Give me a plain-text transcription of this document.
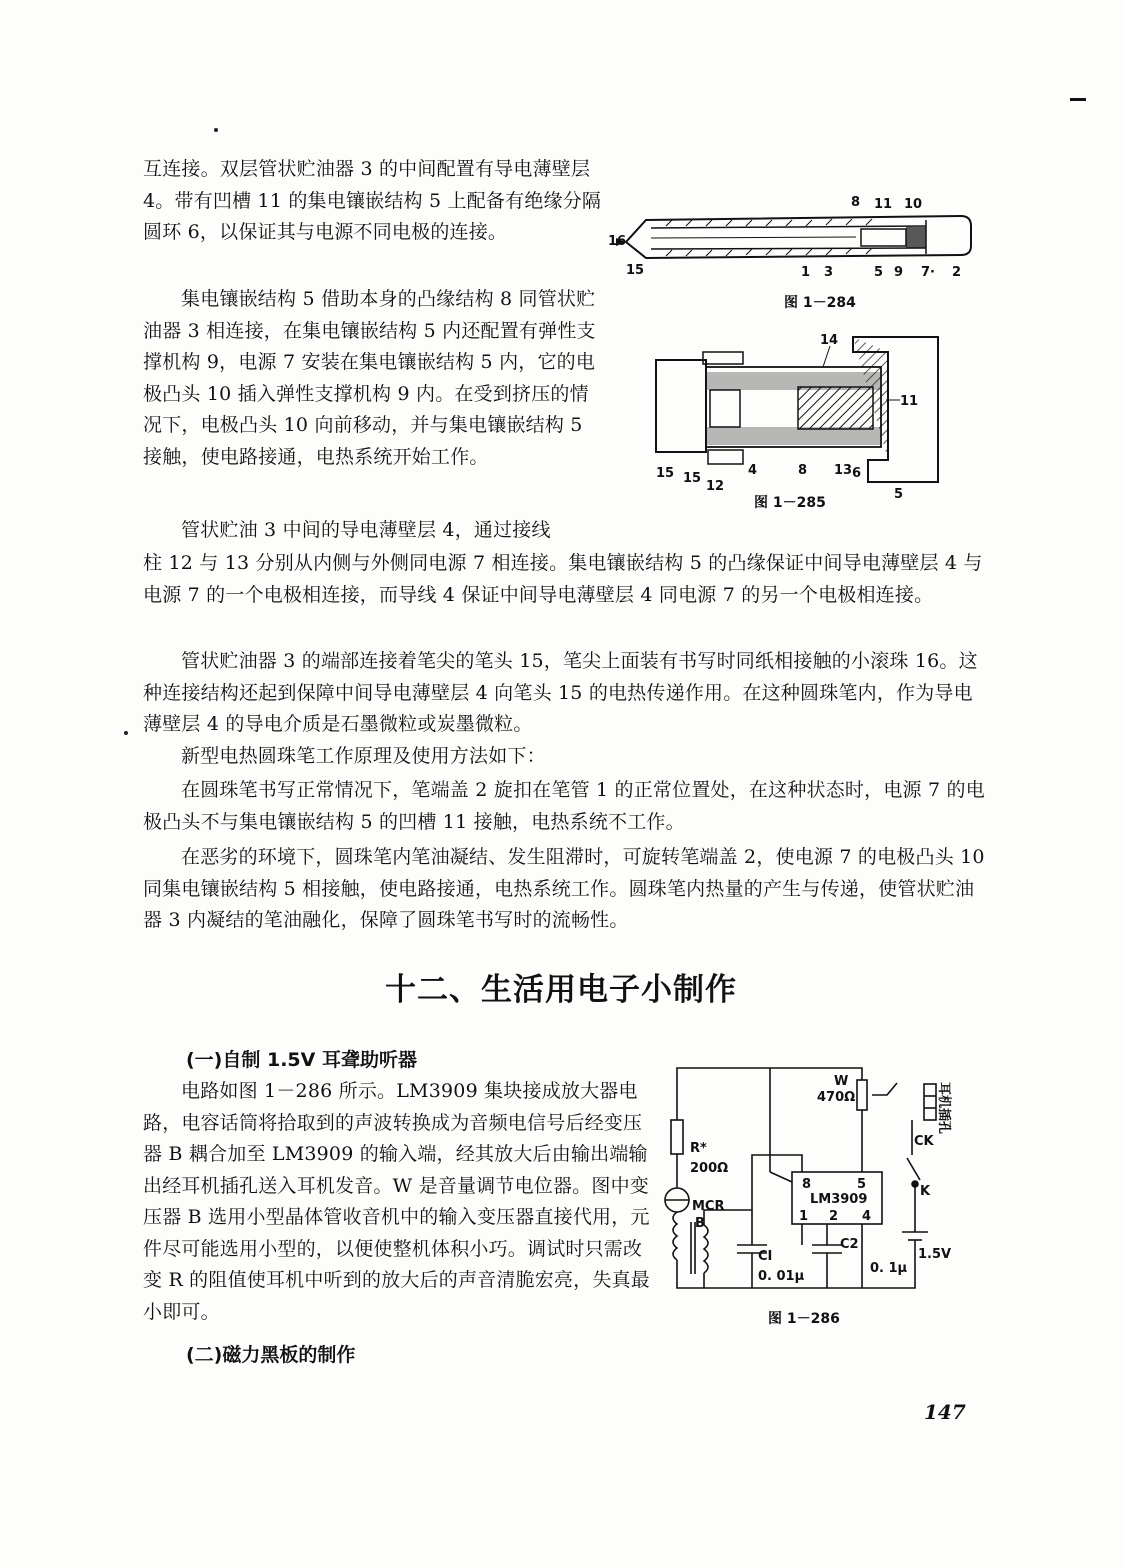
互连接。双层管状贮油器 3 的中间配置有导电薄壁层 4。带有凹槽 11 的集电镶嵌结构 5 上配备有绝缘分隔圆环 6，以保证其与电源不同电极的连接。

集电镶嵌结构 5 借助本身的凸缘结构 8 同管状贮油器 3 相连接，在集电镶嵌结构 5 内还配置有弹性支撑机构 9，电源 7 安装在集电镶嵌结构 5 内，它的电极凸头 10 插入弹性支撑机构 9 内。在受到挤压的情况下，电极凸头 10 向前移动，并与集电镶嵌结构 5 接触，使电路接通，电热系统开始工作。

管状贮油 3 中间的导电薄壁层 4，通过接线

柱 12 与 13 分别从内侧与外侧同电源 7 相连接。集电镶嵌结构 5 的凸缘保证中间导电薄壁层 4 与电源 7 的一个电极相连接，而导线 4 保证中间导电薄壁层 4 同电源 7 的另一个电极相连接。

管状贮油器 3 的端部连接着笔尖的笔头 15，笔尖上面装有书写时同纸相接触的小滚珠 16。这种连接结构还起到保障中间导电薄壁层 4 向笔头 15 的电热传递作用。在这种圆珠笔内，作为导电薄壁层 4 的导电介质是石墨微粒或炭墨微粒。

新型电热圆珠笔工作原理及使用方法如下：

在圆珠笔书写正常情况下，笔端盖 2 旋扣在笔管 1 的正常位置处，在这种状态时，电源 7 的电极凸头不与集电镶嵌结构 5 的凹槽 11 接触，电热系统不工作。

在恶劣的环境下，圆珠笔内笔油凝结、发生阻滞时，可旋转笔端盖 2，使电源 7 的电极凸头 10 同集电镶嵌结构 5 相接触，使电路接通，电热系统工作。圆珠笔内热量的产生与传递，使管状贮油器 3 内凝结的笔油融化，保障了圆珠笔书写时的流畅性。

十二、生活用电子小制作
(一)自制 1.5V 耳聋助听器

电路如图 1－286 所示。LM3909 集块接成放大器电路，电容话筒将拾取到的声波转换成为音频电信号后经变压器 B 耦合加至 LM3909 的输入端，经其放大后由输出端输出经耳机插孔送入耳机发音。W 是音量调节电位器。图中变压器 B 选用小型晶体管收音机中的输入变压器直接代用，元件尽可能选用小型的，以便使整机体积小巧。调试时只需改变 R 的阻值使耳机中听到的放大后的声音清脆宏亮，失真最小即可。

(二)磁力黑板的制作
8 11 10
16
15	1 3	5 9 7· 2
图 1－284
14
11
15 15
12
4	8 13 6
5
图 1－285
W
470Ω	耳机插孔
CK
R*
200Ω
MCR
B
LM3909
8	5
1 2 4
K
CI
0. 01μ
C2
0. 1μ
1.5V
图 1－286
147
